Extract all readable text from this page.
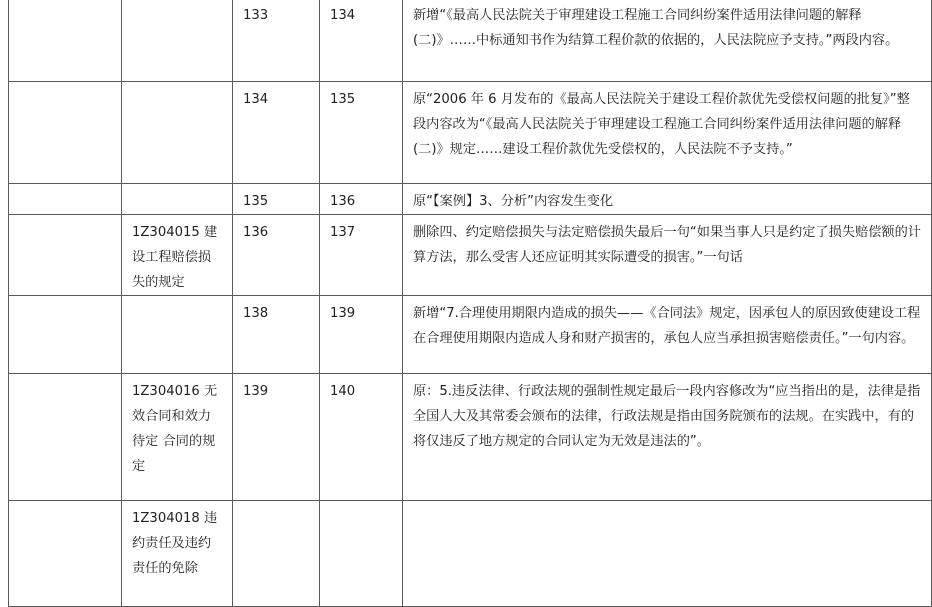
		133	134	新增“《最高人民法院关于审理建设工程施工合同纠纷案件适用法律问题的解释(二)》……中标通知书作为结算工程价款的依据的，人民法院应予支持。”两段内容。
		134	135	原“2006 年 6 月发布的《最高人民法院关于建设工程价款优先受偿权问题的批复》”整段内容改为“《最高人民法院关于审理建设工程施工合同纠纷案件适用法律问题的解释(二)》规定……建设工程价款优先受偿权的，人民法院不予支持。”
		135	136	原“【案例】3、分析”内容发生变化
	1Z304015 建设工程赔偿损失的规定	136	137	删除四、约定赔偿损失与法定赔偿损失最后一句“如果当事人只是约定了损失赔偿额的计算方法，那么受害人还应证明其实际遭受的损害。”一句话
		138	139	新增“7.合理使用期限内造成的损失——《合同法》规定，因承包人的原因致使建设工程在合理使用期限内造成人身和财产损害的，承包人应当承担损害赔偿责任。”一句内容。
	1Z304016 无效合同和效力待定 合同的规定	139	140	原：5.违反法律、行政法规的强制性规定最后一段内容修改为“应当指出的是，法律是指全国人大及其常委会颁布的法律，行政法规是指由国务院颁布的法规。在实践中，有的将仅违反了地方规定的合同认定为无效是违法的”。
	1Z304018 违约责任及违约责任的免除			
